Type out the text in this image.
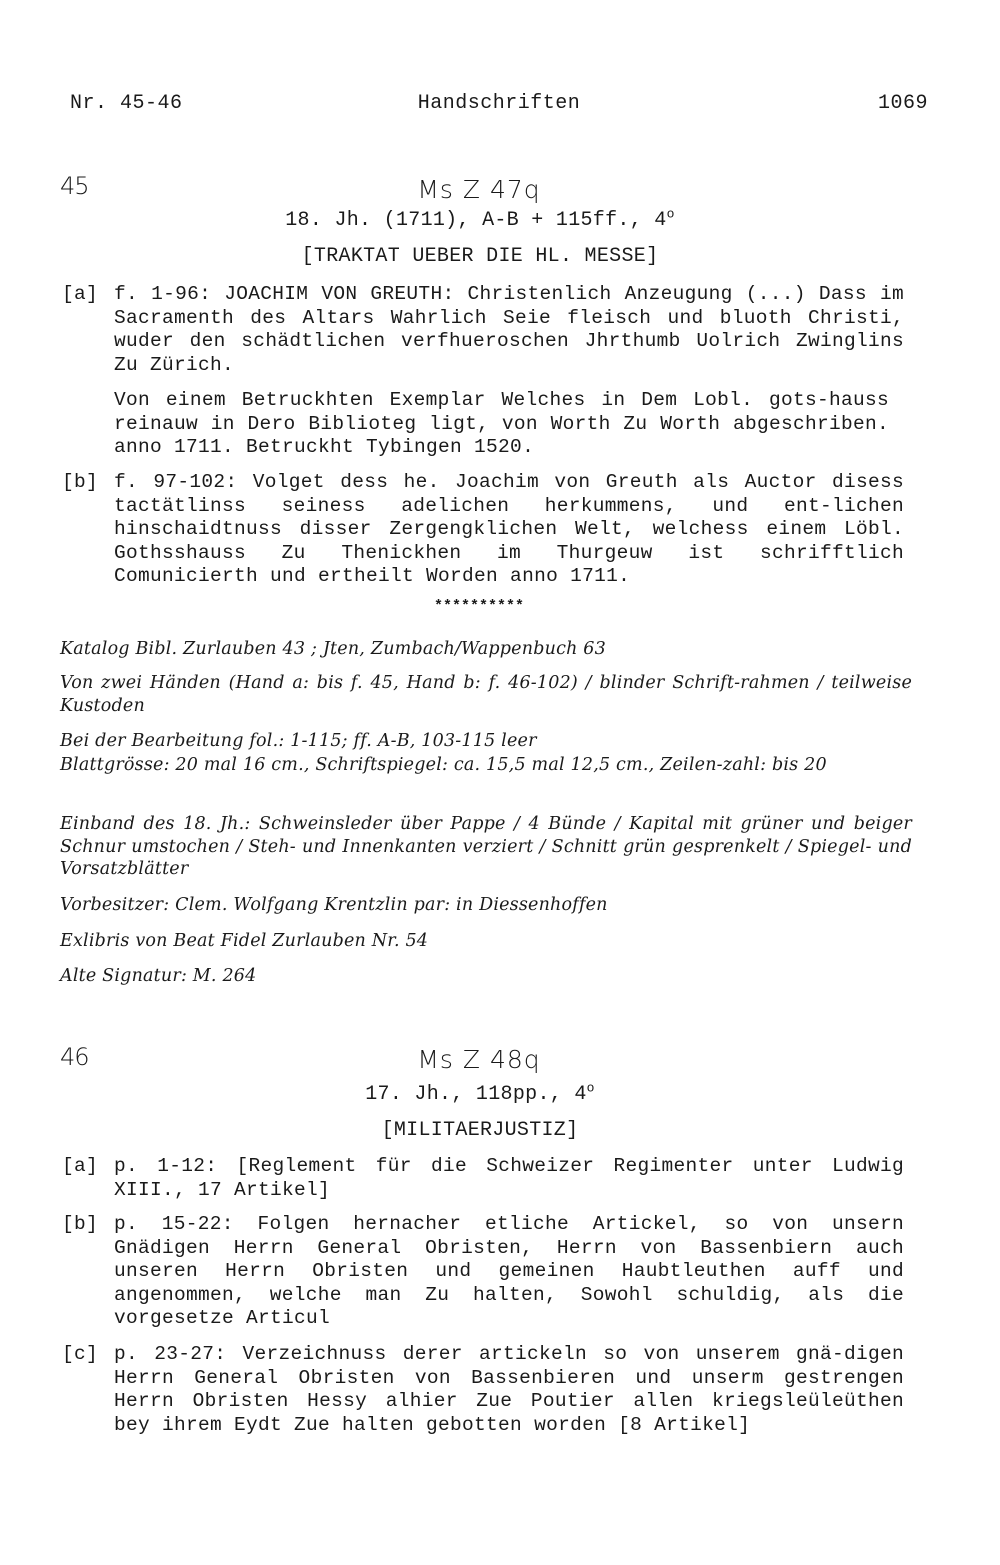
Nr. 45-46	Handschriften	1069
45	Ms Z 47q
18. Jh. (1711), A-B + 115ff., 4$^o$
[TRAKTAT UEBER DIE HL. MESSE]
[a] f. 1-96: JOACHIM VON GREUTH: Christenlich Anzeugung (...) Dass im Sacramenth des Altars Wahrlich Seie fleisch und bluoth Christi, wuder den schädtlichen verfhueroschen Jhrthumb Uolrich Zwinglins Zu Zürich.
Von einem Betruckhten Exemplar Welches in Dem Lobl. gots-hauss reinauw in Dero Biblioteg ligt, von Worth Zu Worth abgeschriben. anno 1711. Betruckht Tybingen 1520.
[b] f. 97-102: Volget dess he. Joachim von Greuth als Auctor disess tactätlinss seiness adelichen herkummens, und ent-lichen hinschaidtnuss disser Zergengklichen Welt, welchess einem Löbl. Gothsshauss Zu Thenickhen im Thurgeuw ist schrifftlich Comunicierth und ertheilt Worden anno 1711.
**********
Katalog Bibl. Zurlauben 43 ; Jten, Zumbach/Wappenbuch 63
Von zwei Händen (Hand a: bis f. 45, Hand b: f. 46-102) / blinder Schrift-rahmen / teilweise Kustoden
Bei der Bearbeitung fol.: 1-115; ff. A-B, 103-115 leer
Blattgrösse: 20 mal 16 cm., Schriftspiegel: ca. 15,5 mal 12,5 cm., Zeilen-zahl: bis 20
Einband des 18. Jh.: Schweinsleder über Pappe / 4 Bünde / Kapital mit grüner und beiger Schnur umstochen / Steh- und Innenkanten verziert / Schnitt grün gesprenkelt / Spiegel- und Vorsatzblätter
Vorbesitzer: Clem. Wolfgang Krentzlin par: in Diessenhoffen
Exlibris von Beat Fidel Zurlauben Nr. 54
Alte Signatur: M. 264
46	Ms Z 48q
17. Jh., 118pp., 4$^o$
[MILITAERJUSTIZ]
[a] p. 1-12: [Reglement für die Schweizer Regimenter unter Ludwig XIII., 17 Artikel]
[b] p. 15-22: Folgen hernacher etliche Artickel, so von unsern Gnädigen Herrn General Obristen, Herrn von Bassenbiern auch unseren Herrn Obristen und gemeinen Haubtleuthen auff und angenommen, welche man Zu halten, Sowohl schuldig, als die vorgesetze Articul
[c] p. 23-27: Verzeichnuss derer artickeln so von unserem gnä-digen Herrn General Obristen von Bassenbieren und unserm gestrengen Herrn Obristen Hessy alhier Zue Poutier allen kriegsleüleüthen bey ihrem Eydt Zue halten gebotten worden [8 Artikel]
